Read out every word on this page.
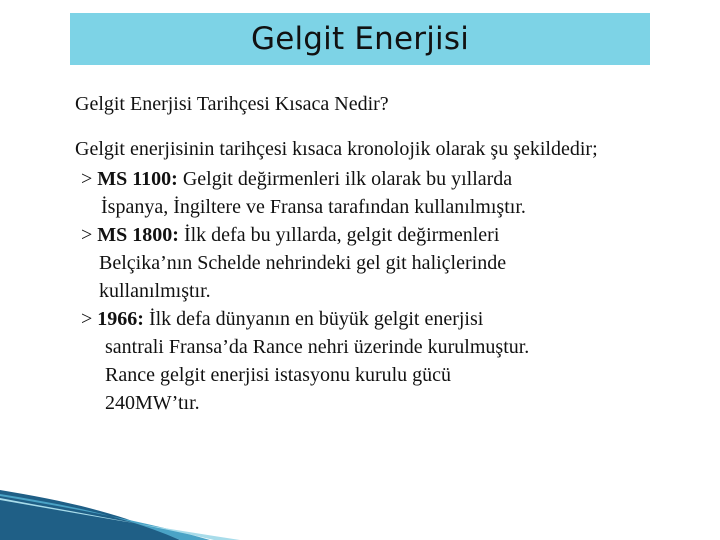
Gelgit Enerjisi
Gelgit Enerjisi Tarihçesi Kısaca Nedir?

Gelgit enerjisinin tarihçesi kısaca kronolojik olarak şu şekildedir;

> MS 1100: Gelgit değirmenleri ilk olarak bu yıllarda
İspanya, İngiltere ve Fransa tarafından kullanılmıştır.
> MS 1800: İlk defa bu yıllarda, gelgit değirmenleri
Belçika’nın Schelde nehrindeki gel git haliçlerinde
kullanılmıştır.
> 1966: İlk defa dünyanın en büyük gelgit enerjisi
santrali Fransa’da Rance nehri üzerinde kurulmuştur.
Rance gelgit enerjisi istasyonu kurulu gücü
240MW’tır.
